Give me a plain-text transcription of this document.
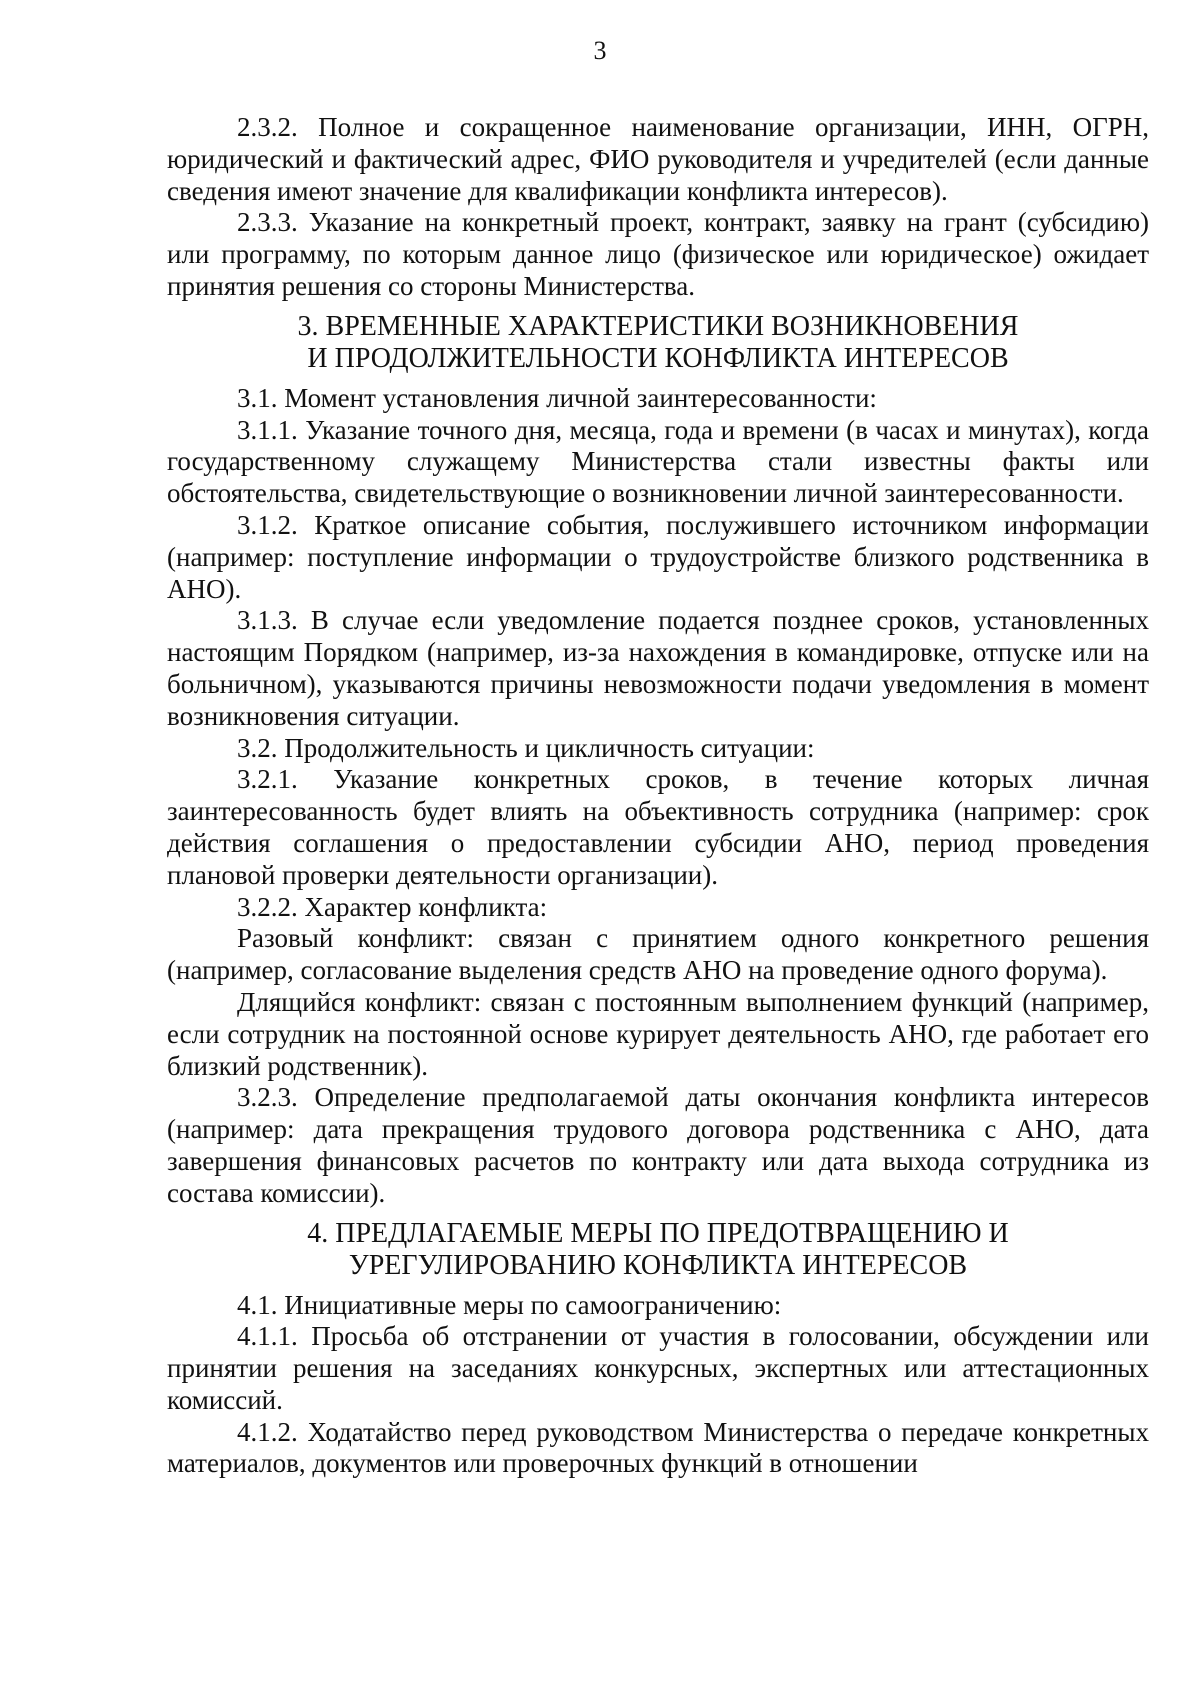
3

2.3.2. Полное и сокращенное наименование организации, ИНН, ОГРН, юридический и фактический адрес, ФИО руководителя и учредителей (если данные сведения имеют значение для квалификации конфликта интересов).

2.3.3. Указание на конкретный проект, контракт, заявку на грант (субсидию) или программу, по которым данное лицо (физическое или юридическое) ожидает принятия решения со стороны Министерства.

3. ВРЕМЕННЫЕ ХАРАКТЕРИСТИКИ ВОЗНИКНОВЕНИЯ
И ПРОДОЛЖИТЕЛЬНОСТИ КОНФЛИКТА ИНТЕРЕСОВ

3.1. Момент установления личной заинтересованности:

3.1.1. Указание точного дня, месяца, года и времени (в часах и минутах), когда государственному служащему Министерства стали известны факты или обстоятельства, свидетельствующие о возникновении личной заинтересованности.

3.1.2. Краткое описание события, послужившего источником информации (например: поступление информации о трудоустройстве близкого родственника в АНО).

3.1.3. В случае если уведомление подается позднее сроков, установленных настоящим Порядком (например, из-за нахождения в командировке, отпуске или на больничном), указываются причины невозможности подачи уведомления в момент возникновения ситуации.

3.2. Продолжительность и цикличность ситуации:

3.2.1. Указание конкретных сроков, в течение которых личная заинтересованность будет влиять на объективность сотрудника (например: срок действия соглашения о предоставлении субсидии АНО, период проведения плановой проверки деятельности организации).

3.2.2. Характер конфликта:

Разовый конфликт: связан с принятием одного конкретного решения (например, согласование выделения средств АНО на проведение одного форума).

Длящийся конфликт: связан с постоянным выполнением функций (например, если сотрудник на постоянной основе курирует деятельность АНО, где работает его близкий родственник).

3.2.3. Определение предполагаемой даты окончания конфликта интересов (например: дата прекращения трудового договора родственника с АНО, дата завершения финансовых расчетов по контракту или дата выхода сотрудника из состава комиссии).

4. ПРЕДЛАГАЕМЫЕ МЕРЫ ПО ПРЕДОТВРАЩЕНИЮ И
УРЕГУЛИРОВАНИЮ КОНФЛИКТА ИНТЕРЕСОВ

4.1. Инициативные меры по самоограничению:

4.1.1. Просьба об отстранении от участия в голосовании, обсуждении или принятии решения на заседаниях конкурсных, экспертных или аттестационных комиссий.

4.1.2. Ходатайство перед руководством Министерства о передаче конкретных материалов, документов или проверочных функций в отношении
